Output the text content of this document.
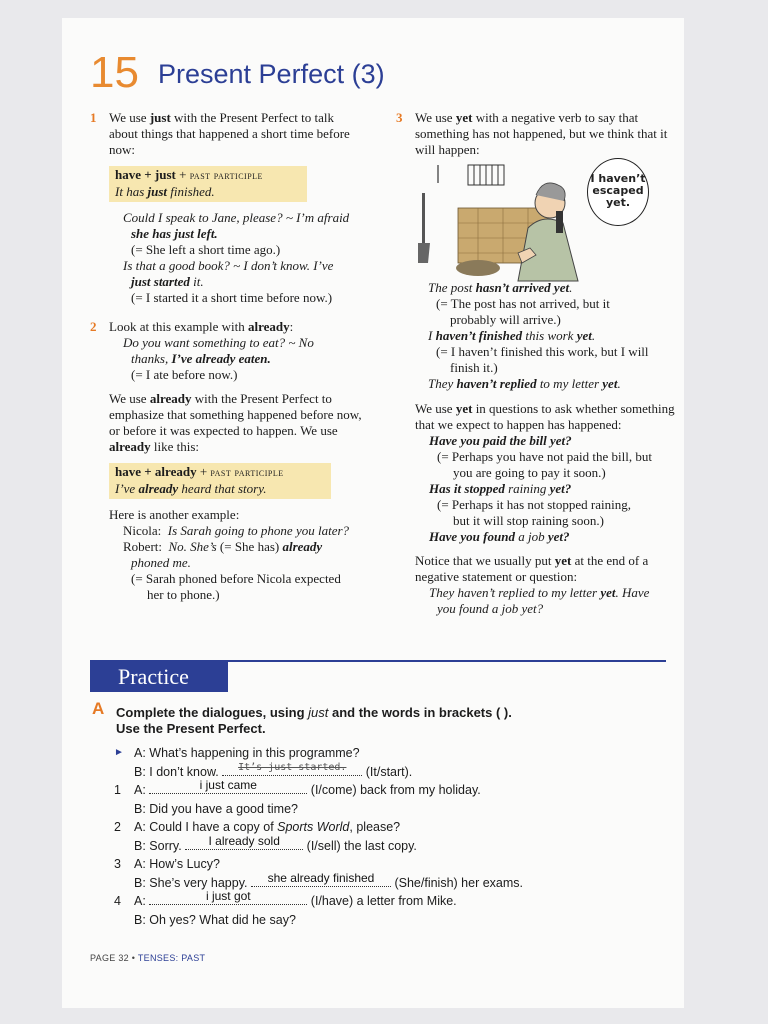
15 Present Perfect (3)
1 We use just with the Present Perfect to talk about things that happened a short time before now:

have + just + past participle
It has just finished.

Could I speak to Jane, please? ~ I’m afraid

she has just left.

(= She left a short time ago.)

Is that a good book? ~ I don’t know. I’ve

just started it.

(= I started it a short time before now.)

2 Look at this example with already:

Do you want something to eat? ~ No

thanks, I’ve already eaten.

(= I ate before now.)

We use already with the Present Perfect to emphasize that something happened before now, or before it was expected to happen. We use already like this:

have + already + past participle
I’ve already heard that story.

Here is another example:

Nicola: Is Sarah going to phone you later?

Robert: No. She’s (= She has) already

phoned me.

(= Sarah phoned before Nicola expected

her to phone.)

3 We use yet with a negative verb to say that something has not happened, but we think that it will happen:

I haven’t escaped yet.

The post hasn’t arrived yet.

(= The post has not arrived, but it

probably will arrive.)

I haven’t finished this work yet.

(= I haven’t finished this work, but I will

finish it.)

They haven’t replied to my letter yet.

We use yet in questions to ask whether something that we expect to happen has happened:

Have you paid the bill yet?

(= Perhaps you have not paid the bill, but

you are going to pay it soon.)

Has it stopped raining yet?

(= Perhaps it has not stopped raining,

but it will stop raining soon.)

Have you found a job yet?

Notice that we usually put yet at the end of a negative statement or question:

They haven’t replied to my letter yet. Have

you found a job yet?

Practice
A Complete the dialogues, using just and the words in brackets ( ).
Use the Present Perfect.
► A: What’s happening in this programme?
B: I don’t know.	It’s just started.	(It/start).
1	A:	i just came	(I/come) back from my holiday.
B: Did you have a good time?
2	A: Could I have a copy of Sports World, please?
B: Sorry.	I already sold	(I/sell) the last copy.
3	A: How’s Lucy?
B: She’s very happy.	she already finished	(She/finish) her exams.
4	A:	i just got	(I/have) a letter from Mike.
B: Oh yes? What did he say?
PAGE 32 • TENSES: PAST
